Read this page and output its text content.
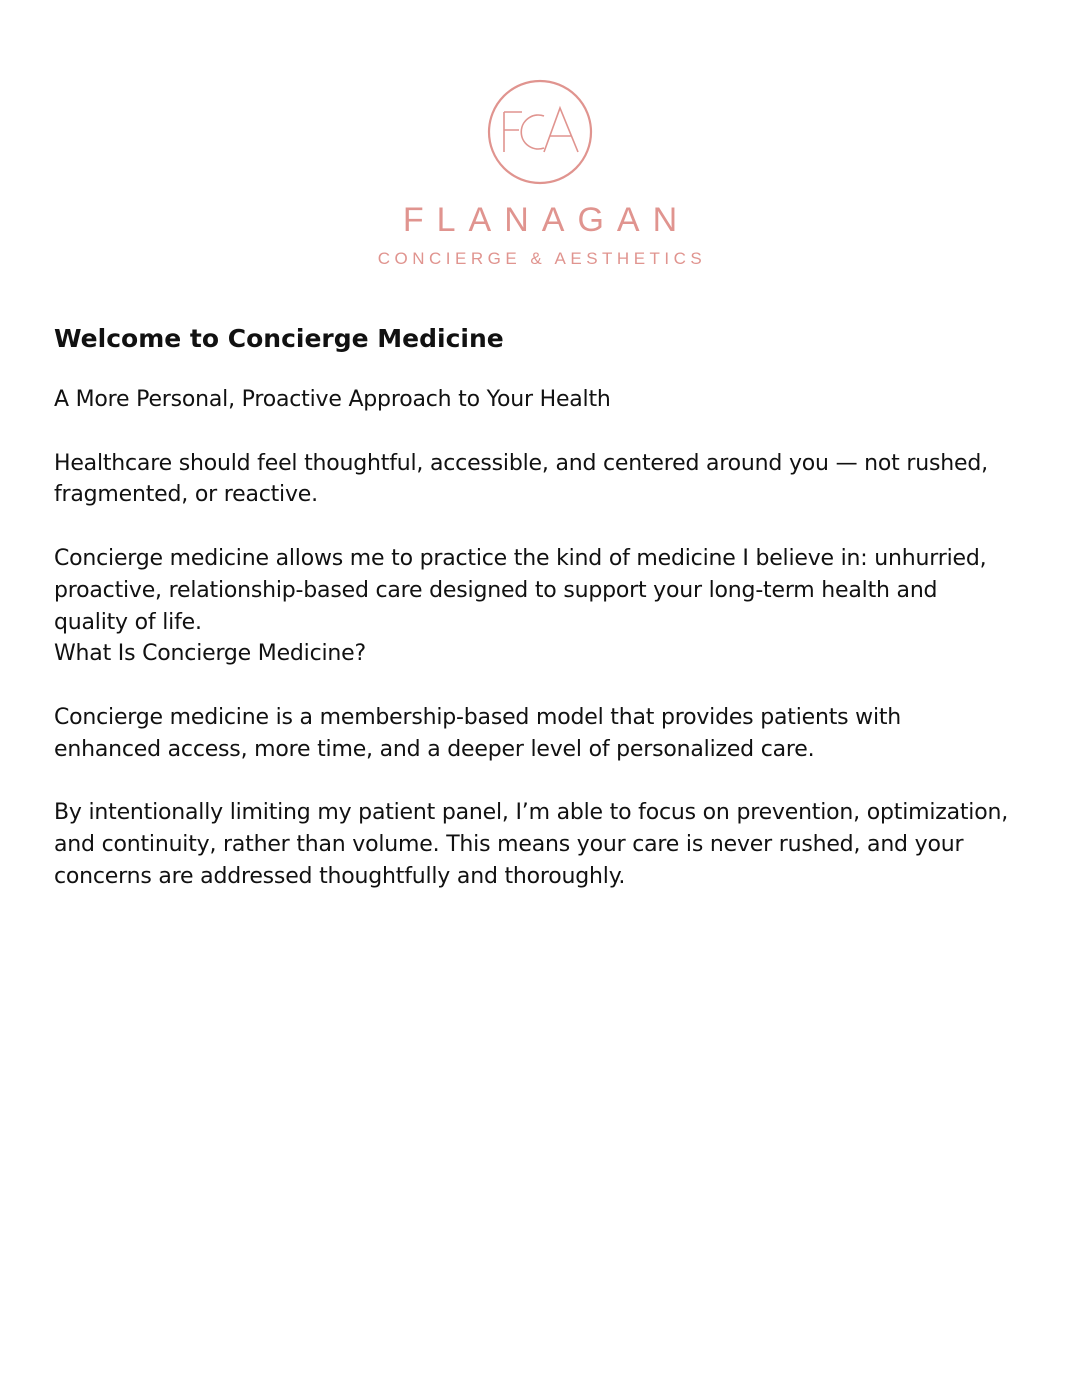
FLANAGAN
CONCIERGE & AESTHETICS
Welcome to Concierge Medicine

A More Personal, Proactive Approach to Your Health

Healthcare should feel thoughtful, accessible, and centered around you — not rushed, fragmented, or reactive.

Concierge medicine allows me to practice the kind of medicine I believe in: unhurried, proactive, relationship-based care designed to support your long-term health and quality of life.

What Is Concierge Medicine?

Concierge medicine is a membership-based model that provides patients with enhanced access, more time, and a deeper level of personalized care.

By intentionally limiting my patient panel, I’m able to focus on prevention, optimization, and continuity, rather than volume. This means your care is never rushed, and your concerns are addressed thoughtfully and thoroughly.
